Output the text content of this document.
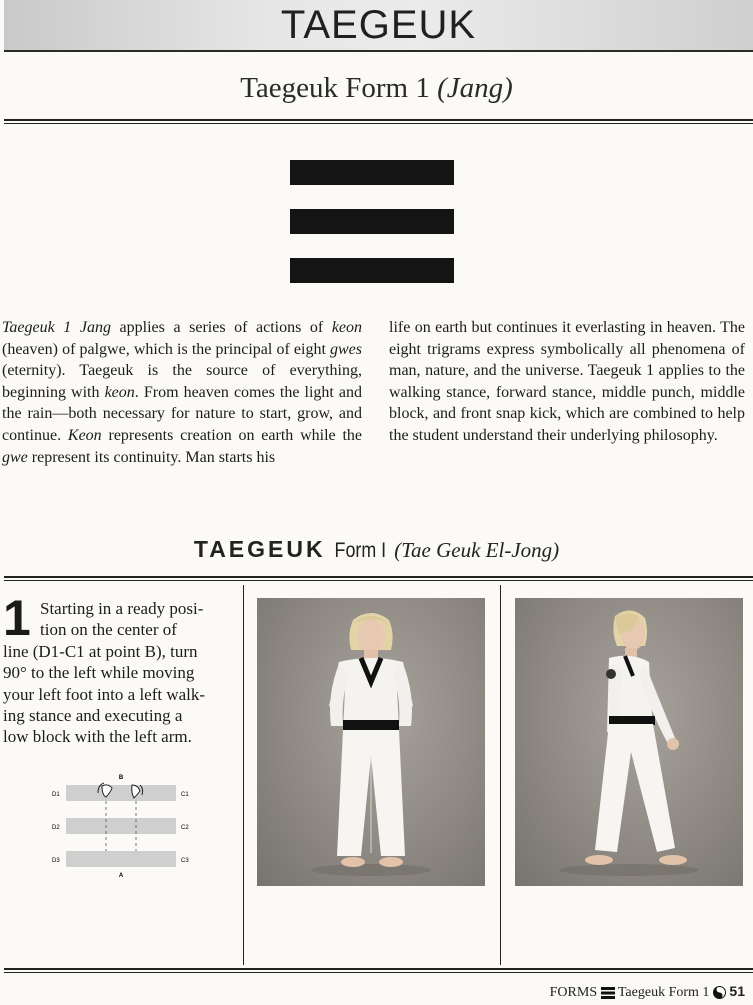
TAEGEUK
Taegeuk Form 1 (Jang)

Taegeuk 1 Jang applies a series of actions of keon (heaven) of palgwe, which is the principal of eight gwes (eternity). Taegeuk is the source of everything, beginning with keon. From heaven comes the light and the rain—both necessary for nature to start, grow, and continue. Keon represents creation on earth while the gwe represent its continuity. Man starts his

life on earth but continues it everlasting in heaven. The eight trigrams express symbolically all phenomena of man, nature, and the universe. Taegeuk 1 applies to the walking stance, forward stance, middle punch, middle block, and front snap kick, which are combined to help the student understand their underlying philosophy.

TAEGEUK Form I (Tae Geuk El-Jong)
1 Starting in a ready posi-
tion on the center of
line (D1-C1 at point B), turn
90° to the left while moving
your left foot into a left walk-
ing stance and executing a
low block with the left arm.
B
A
D1
D2
D3
C1
C2
C3
FORMS Taegeuk Form 1 51
